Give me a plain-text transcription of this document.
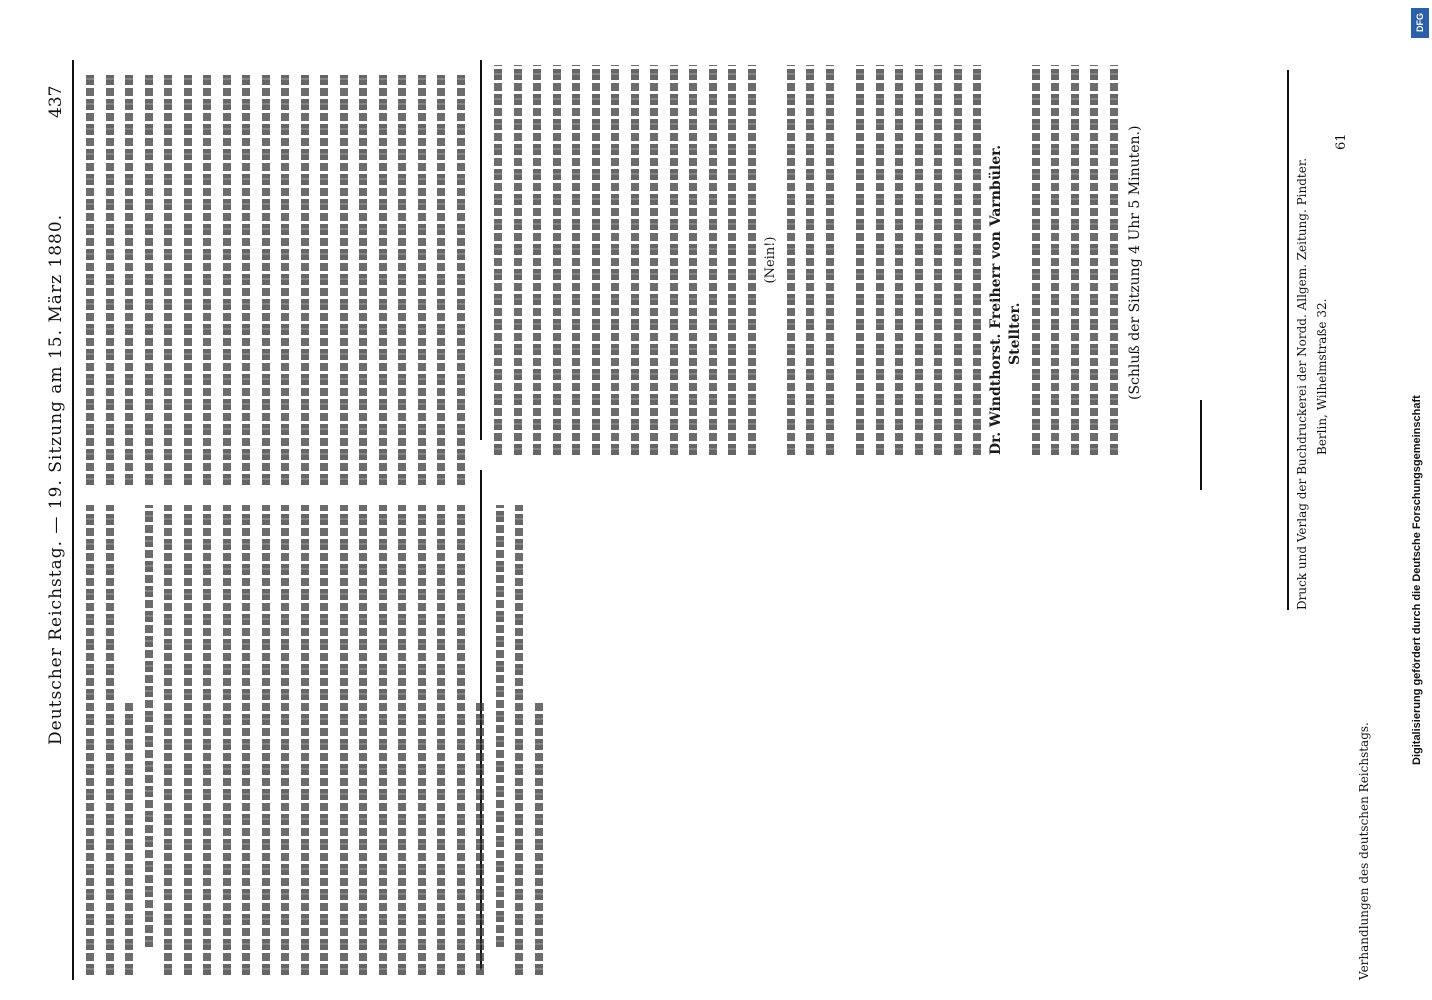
Deutscher Reichstag. — 19. Sitzung am 15. März 1880.
437
(Nein!)	Dr. Windthorst. Freiherr von Varnbüler. Stellter.	(Schluß der Sitzung 4 Uhr 5 Minuten.)	Druck und Verlag der Buchdruckerei der Nordd. Allgem. Zeitung. Pindter. Berlin, Wilhelmstraße 32.
61
Digitalisierung gefördert durch die Deutsche Forschungsgemeinschaft
DFG
Verhandlungen des deutschen Reichstags.
